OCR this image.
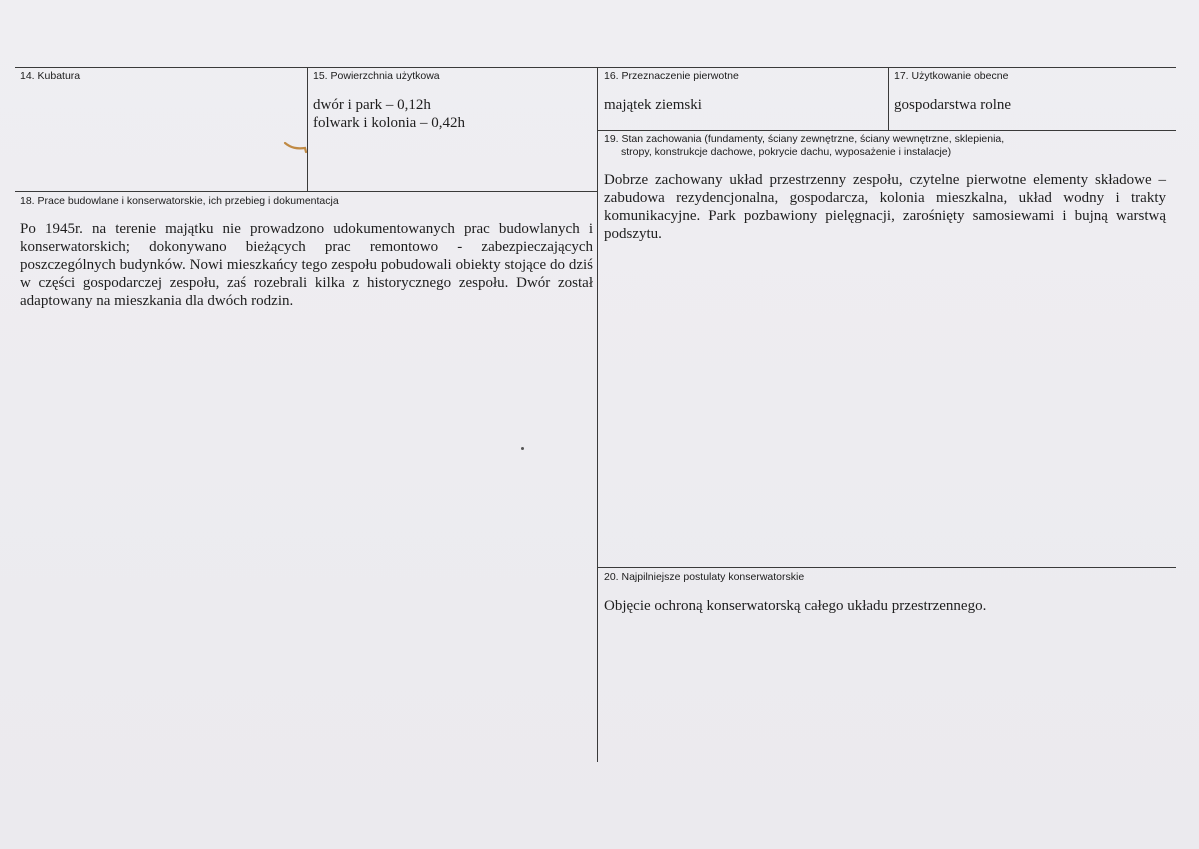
14. Kubatura	15. Powierzchnia użytkowa
dwór i park – 0,12h
folwark i kolonia – 0,42h
16. Przeznaczenie pierwotne
majątek ziemski
17. Użytkowanie obecne
gospodarstwa rolne
19. Stan zachowania (fundamenty, ściany zewnętrzne, ściany wewnętrzne, sklepienia,
stropy, konstrukcje dachowe, pokrycie dachu, wyposażenie i instalacje)
Dobrze zachowany układ przestrzenny zespołu, czytelne pierwotne elementy składowe – zabudowa rezydencjonalna, gospodarcza, kolonia mieszkalna, układ wodny i trakty komunikacyjne. Park pozbawiony pielęgnacji, zarośnięty samosiewami i bujną warstwą podszytu.
18. Prace budowlane i konserwatorskie, ich przebieg i dokumentacja
Po 1945r. na terenie majątku nie prowadzono udokumentowanych prac budowlanych i konserwatorskich; dokonywano bieżących prac remontowo - zabezpieczających poszczególnych budynków. Nowi mieszkańcy tego zespołu pobudowali obiekty stojące do dziś w części gospodarczej zespołu, zaś rozebrali kilka z historycznego zespołu. Dwór został adaptowany na mieszkania dla dwóch rodzin.
20. Najpilniejsze postulaty konserwatorskie
Objęcie ochroną konserwatorską całego układu przestrzennego.
